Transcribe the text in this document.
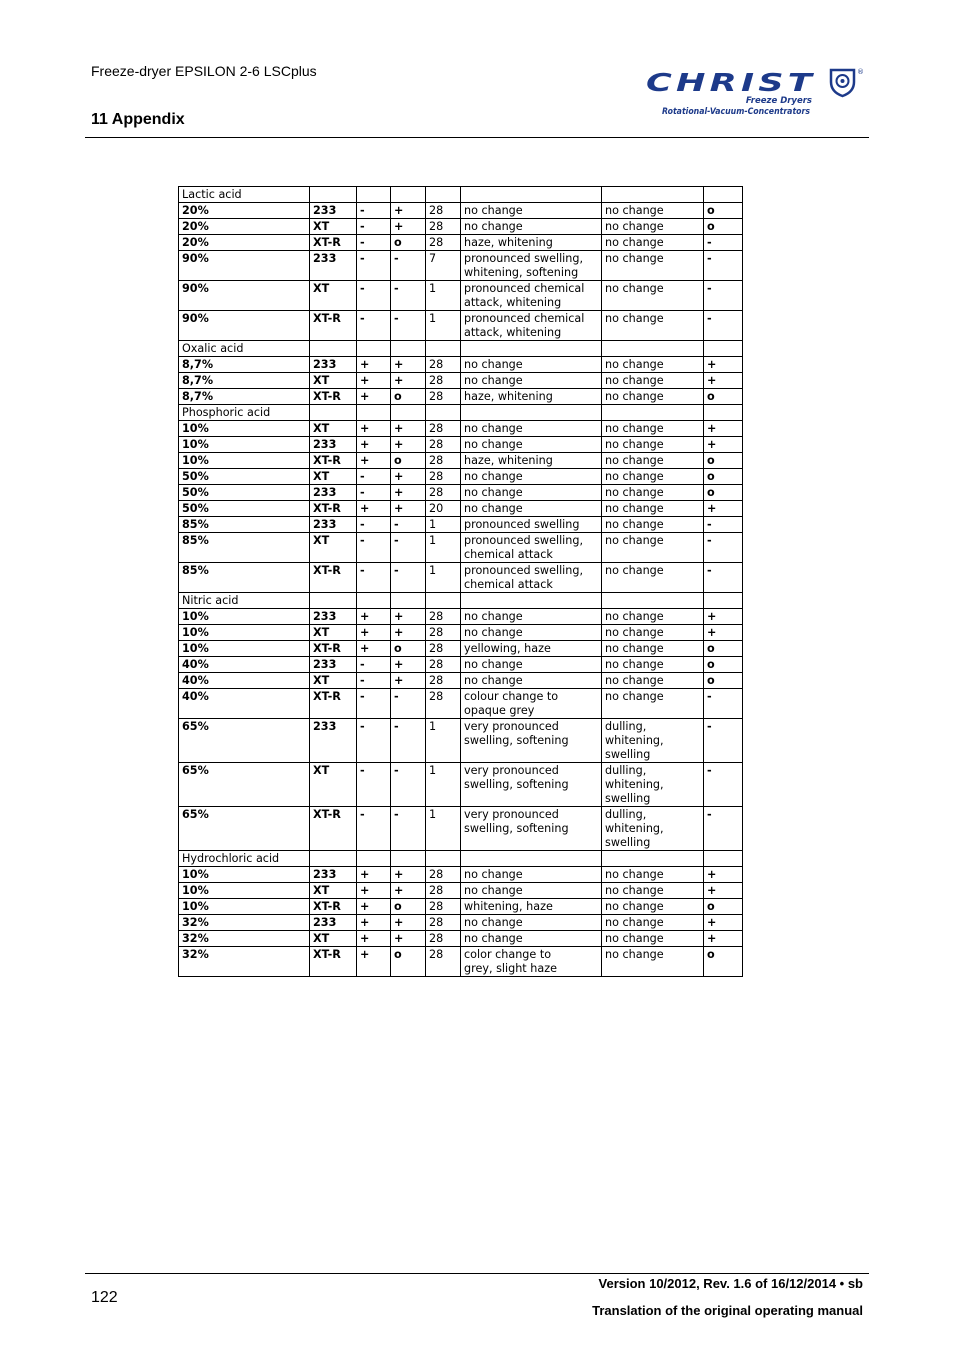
Freeze-dryer EPSILON 2-6 LSCplus
11 Appendix
CHRIST	®
Freeze Dryers
Rotational-Vacuum-Concentrators
Lactic acid							
20%	233	-	+	28	no change	no change	o
20%	XT	-	+	28	no change	no change	o
20%	XT-R	-	o	28	haze, whitening	no change	-
90%	233	-	-	7	pronounced swelling,
whitening, softening	no change	-
90%	XT	-	-	1	pronounced chemical
attack, whitening	no change	-
90%	XT-R	-	-	1	pronounced chemical
attack, whitening	no change	-
Oxalic acid							
8,7%	233	+	+	28	no change	no change	+
8,7%	XT	+	+	28	no change	no change	+
8,7%	XT-R	+	o	28	haze, whitening	no change	o
Phosphoric acid							
10%	XT	+	+	28	no change	no change	+
10%	233	+	+	28	no change	no change	+
10%	XT-R	+	o	28	haze, whitening	no change	o
50%	XT	-	+	28	no change	no change	o
50%	233	-	+	28	no change	no change	o
50%	XT-R	+	+	20	no change	no change	+
85%	233	-	-	1	pronounced swelling	no change	-
85%	XT	-	-	1	pronounced swelling,
chemical attack	no change	-
85%	XT-R	-	-	1	pronounced swelling,
chemical attack	no change	-
Nitric acid							
10%	233	+	+	28	no change	no change	+
10%	XT	+	+	28	no change	no change	+
10%	XT-R	+	o	28	yellowing, haze	no change	o
40%	233	-	+	28	no change	no change	o
40%	XT	-	+	28	no change	no change	o
40%	XT-R	-	-	28	colour change to
opaque grey	no change	-
65%	233	-	-	1	very pronounced
swelling, softening	dulling,
whitening,
swelling	-
65%	XT	-	-	1	very pronounced
swelling, softening	dulling,
whitening,
swelling	-
65%	XT-R	-	-	1	very pronounced
swelling, softening	dulling,
whitening,
swelling	-
Hydrochloric acid							
10%	233	+	+	28	no change	no change	+
10%	XT	+	+	28	no change	no change	+
10%	XT-R	+	o	28	whitening, haze	no change	o
32%	233	+	+	28	no change	no change	+
32%	XT	+	+	28	no change	no change	+
32%	XT-R	+	o	28	color change to
grey, slight haze	no change	o
122
Version 10/2012, Rev. 1.6 of 16/12/2014 • sb
Translation of the original operating manual
